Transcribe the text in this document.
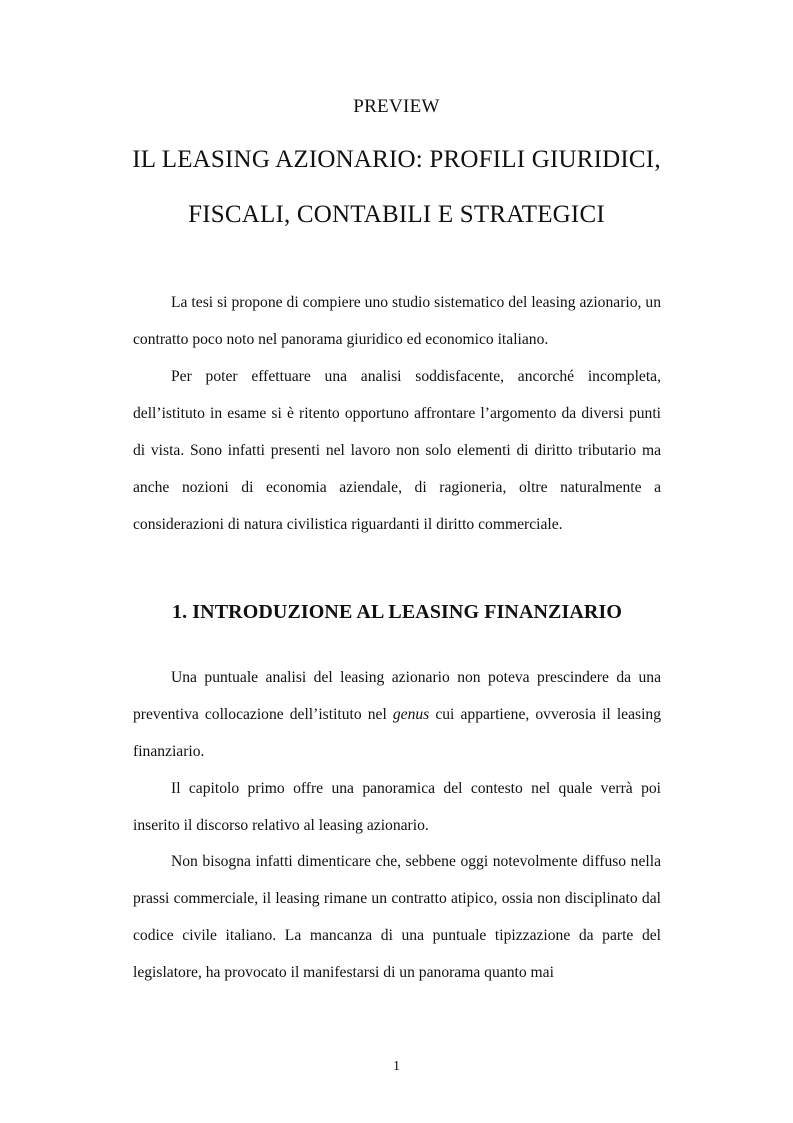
PREVIEW
IL LEASING AZIONARIO: PROFILI GIURIDICI,
FISCALI, CONTABILI E STRATEGICI

La tesi si propone di compiere uno studio sistematico del leasing azionario, un contratto poco noto nel panorama giuridico ed economico italiano.

Per poter effettuare una analisi soddisfacente, ancorché incompleta, dell’istituto in esame si è ritento opportuno affrontare l’argomento da diversi punti di vista. Sono infatti presenti nel lavoro non solo elementi di diritto tributario ma anche nozioni di economia aziendale, di ragioneria, oltre naturalmente a considerazioni di natura civilistica riguardanti il diritto commerciale.

1. INTRODUZIONE AL LEASING FINANZIARIO

Una puntuale analisi del leasing azionario non poteva prescindere da una preventiva collocazione dell’istituto nel genus cui appartiene, ovverosia il leasing finanziario.

Il capitolo primo offre una panoramica del contesto nel quale verrà poi inserito il discorso relativo al leasing azionario.

Non bisogna infatti dimenticare che, sebbene oggi notevolmente diffuso nella prassi commerciale, il leasing rimane un contratto atipico, ossia non disciplinato dal codice civile italiano. La mancanza di una puntuale tipizzazione da parte del legislatore, ha provocato il manifestarsi di un panorama quanto mai

1
